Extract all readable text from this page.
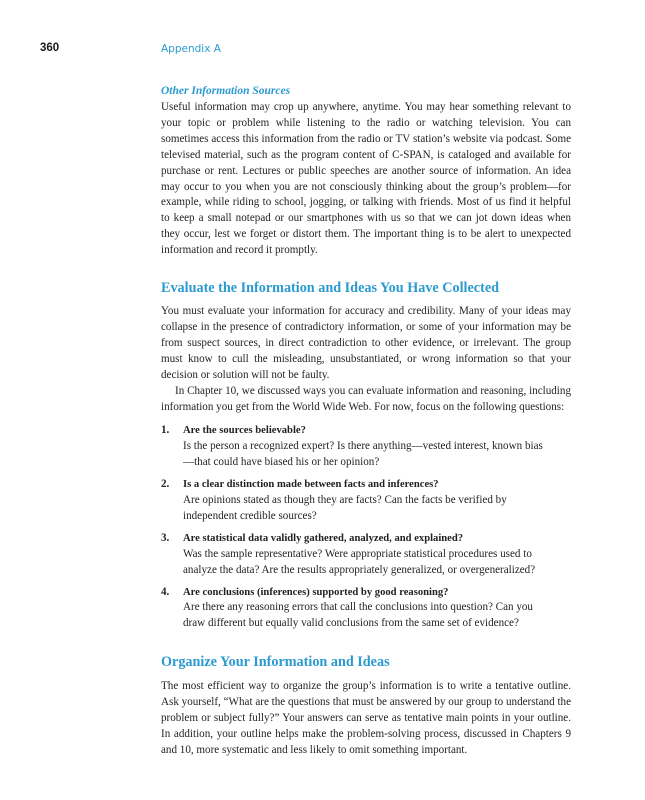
360	Appendix A
Other Information Sources

Useful information may crop up anywhere, anytime. You may hear something relevant to your topic or problem while listening to the radio or watching television. You can sometimes access this information from the radio or TV station’s website via podcast. Some televised material, such as the program content of C-SPAN, is cataloged and available for purchase or rent. Lectures or public speeches are another source of information. An idea may occur to you when you are not consciously thinking about the group’s problem—for example, while riding to school, jogging, or talking with friends. Most of us find it helpful to keep a small notepad or our smartphones with us so that we can jot down ideas when they occur, lest we forget or distort them. The important thing is to be alert to unexpected information and record it promptly.

Evaluate the Information and Ideas You Have Collected

You must evaluate your information for accuracy and credibility. Many of your ideas may collapse in the presence of contradictory information, or some of your information may be from suspect sources, in direct contradiction to other evidence, or irrelevant. The group must know to cull the misleading, unsubstantiated, or wrong information so that your decision or solution will not be faulty.

In Chapter 10, we discussed ways you can evaluate information and reasoning, including information you get from the World Wide Web. For now, focus on the following questions:

1. Are the sources believable?
Is the person a recognized expert? Is there anything—vested interest, known bias—that could have biased his or her opinion?
2. Is a clear distinction made between facts and inferences?
Are opinions stated as though they are facts? Can the facts be verified by independent credible sources?
3. Are statistical data validly gathered, analyzed, and explained?
Was the sample representative? Were appropriate statistical procedures used to analyze the data? Are the results appropriately generalized, or overgeneralized?
4. Are conclusions (inferences) supported by good reasoning?
Are there any reasoning errors that call the conclusions into question? Can you draw different but equally valid conclusions from the same set of evidence?
Organize Your Information and Ideas

The most efficient way to organize the group’s information is to write a tentative outline. Ask yourself, “What are the questions that must be answered by our group to understand the problem or subject fully?” Your answers can serve as tentative main points in your outline. In addition, your outline helps make the problem-solving process, discussed in Chapters 9 and 10, more systematic and less likely to omit something important.
